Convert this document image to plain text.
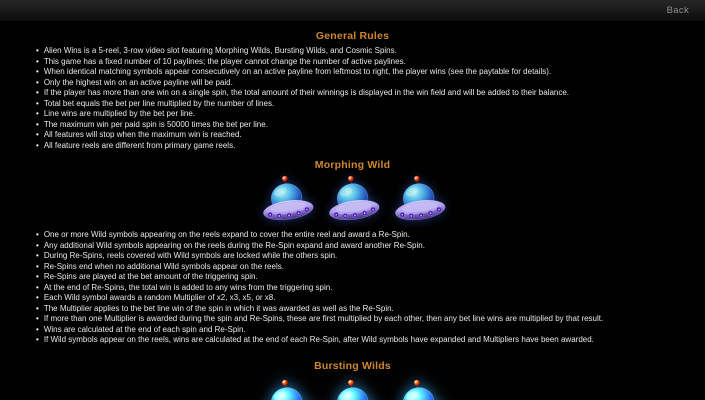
Back
General Rules
• Alien Wins is a 5-reel, 3-row video slot featuring Morphing Wilds, Bursting Wilds, and Cosmic Spins.
• This game has a fixed number of 10 paylines; the player cannot change the number of active paylines.
• When identical matching symbols appear consecutively on an active payline from leftmost to right, the player wins (see the paytable for details).
• Only the highest win on an active payline will be paid.
• If the player has more than one win on a single spin, the total amount of their winnings is displayed in the win field and will be added to their balance.
• Total bet equals the bet per line multiplied by the number of lines.
• Line wins are multiplied by the bet per line.
• The maximum win per paid spin is 50000 times the bet per line.
• All features will stop when the maximum win is reached.
• All feature reels are different from primary game reels.
Morphing Wild
• One or more Wild symbols appearing on the reels expand to cover the entire reel and award a Re-Spin.
• Any additional Wild symbols appearing on the reels during the Re-Spin expand and award another Re-Spin.
• During Re-Spins, reels covered with Wild symbols are locked while the others spin.
• Re-Spins end when no additional Wild symbols appear on the reels.
• Re-Spins are played at the bet amount of the triggering spin.
• At the end of Re-Spins, the total win is added to any wins from the triggering spin.
• Each Wild symbol awards a random Multiplier of x2, x3, x5, or x8.
• The Multiplier applies to the bet line win of the spin in which it was awarded as well as the Re-Spin.
• If more than one Multiplier is awarded during the spin and Re-Spins, these are first multiplied by each other, then any bet line wins are multiplied by that result.
• Wins are calculated at the end of each spin and Re-Spin.
• If Wild symbols appear on the reels, wins are calculated at the end of each Re-Spin, after Wild symbols have expanded and Multipliers have been awarded.
Bursting Wilds
